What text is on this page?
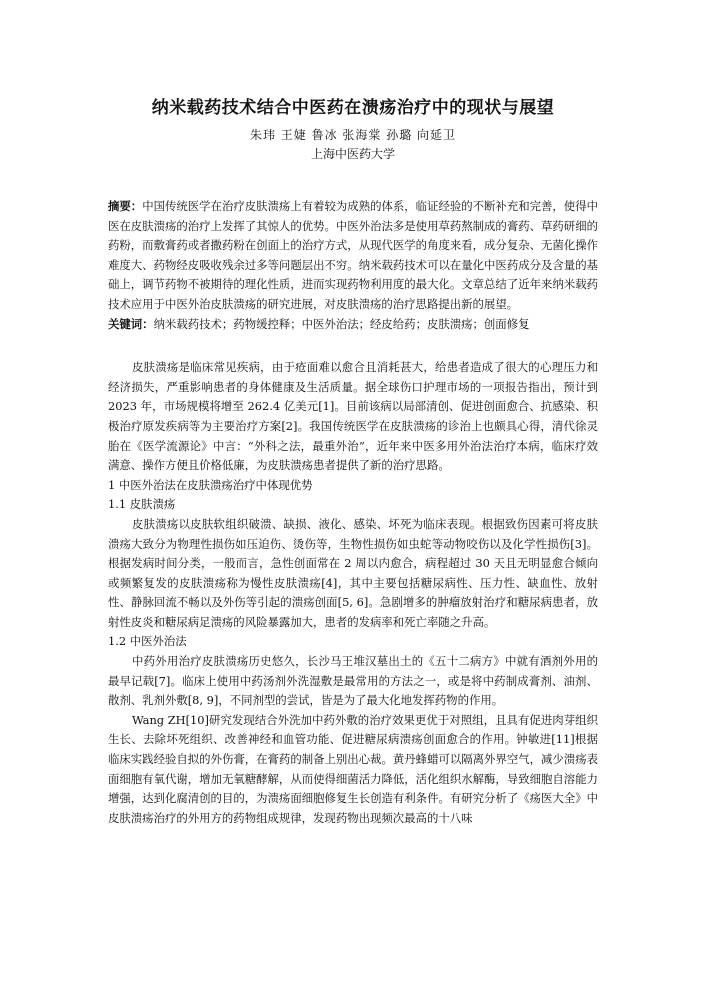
纳米载药技术结合中医药在溃疡治疗中的现状与展望
朱玮 王婕 鲁冰 张海棠 孙璐 向延卫
上海中医药大学

摘要：中国传统医学在治疗皮肤溃疡上有着较为成熟的体系，临证经验的不断补充和完善，使得中医在皮肤溃疡的治疗上发挥了其惊人的优势。中医外治法多是使用草药熬制成的膏药、草药研细的药粉，而敷膏药或者撒药粉在创面上的治疗方式，从现代医学的角度来看，成分复杂、无菌化操作难度大、药物经皮吸收残余过多等问题层出不穷。纳米载药技术可以在量化中医药成分及含量的基础上，调节药物不被期待的理化性质，进而实现药物利用度的最大化。文章总结了近年来纳米载药技术应用于中医外治皮肤溃疡的研究进展，对皮肤溃疡的治疗思路提出新的展望。

关键词：纳米载药技术；药物缓控释；中医外治法；经皮给药；皮肤溃疡；创面修复

皮肤溃疡是临床常见疾病，由于疮面难以愈合且消耗甚大，给患者造成了很大的心理压力和经济损失，严重影响患者的身体健康及生活质量。据全球伤口护理市场的一项报告指出，预计到 2023 年，市场规模将增至 262.4 亿美元[1]。目前该病以局部清创、促进创面愈合、抗感染、积极治疗原发疾病等为主要治疗方案[2]。我国传统医学在皮肤溃疡的诊治上也颇具心得，清代徐灵胎在《医学流源论》中言：“外科之法，最重外治”，近年来中医多用外治法治疗本病，临床疗效满意、操作方便且价格低廉，为皮肤溃疡患者提供了新的治疗思路。

1 中医外治法在皮肤溃疡治疗中体现优势
1.1 皮肤溃疡

皮肤溃疡以皮肤软组织破溃、缺损、液化、感染、坏死为临床表现。根据致伤因素可将皮肤溃疡大致分为物理性损伤如压迫伤、烫伤等，生物性损伤如虫蛇等动物咬伤以及化学性损伤[3]。根据发病时间分类，一般而言，急性创面常在 2 周以内愈合，病程超过 30 天且无明显愈合倾向或频繁复发的皮肤溃疡称为慢性皮肤溃疡[4]，其中主要包括糖尿病性、压力性、缺血性、放射性、静脉回流不畅以及外伤等引起的溃疡创面[5, 6]。急剧增多的肿瘤放射治疗和糖尿病患者，放射性皮炎和糖尿病足溃疡的风险暴露加大，患者的发病率和死亡率随之升高。

1.2 中医外治法

中药外用治疗皮肤溃疡历史悠久，长沙马王堆汉墓出土的《五十二病方》中就有酒剂外用的最早记载[7]。临床上使用中药汤剂外洗湿敷是最常用的方法之一，或是将中药制成膏剂、油剂、散剂、乳剂外敷[8, 9]，不同剂型的尝试，皆是为了最大化地发挥药物的作用。

Wang ZH[10]研究发现结合外洗加中药外敷的治疗效果更优于对照组，且具有促进肉芽组织生长、去除坏死组织、改善神经和血管功能、促进糖尿病溃疡创面愈合的作用。钟敏进[11]根据临床实践经验自拟的外伤膏，在膏药的制备上别出心裁。黄丹蜂蜡可以隔离外界空气，减少溃疡表面细胞有氧代谢，增加无氧糖酵解，从而使得细菌活力降低，活化组织水解酶，导致细胞自溶能力增强，达到化腐清创的目的，为溃疡面细胞修复生长创造有利条件。有研究分析了《疡医大全》中皮肤溃疡治疗的外用方的药物组成规律，发现药物出现频次最高的十八味
